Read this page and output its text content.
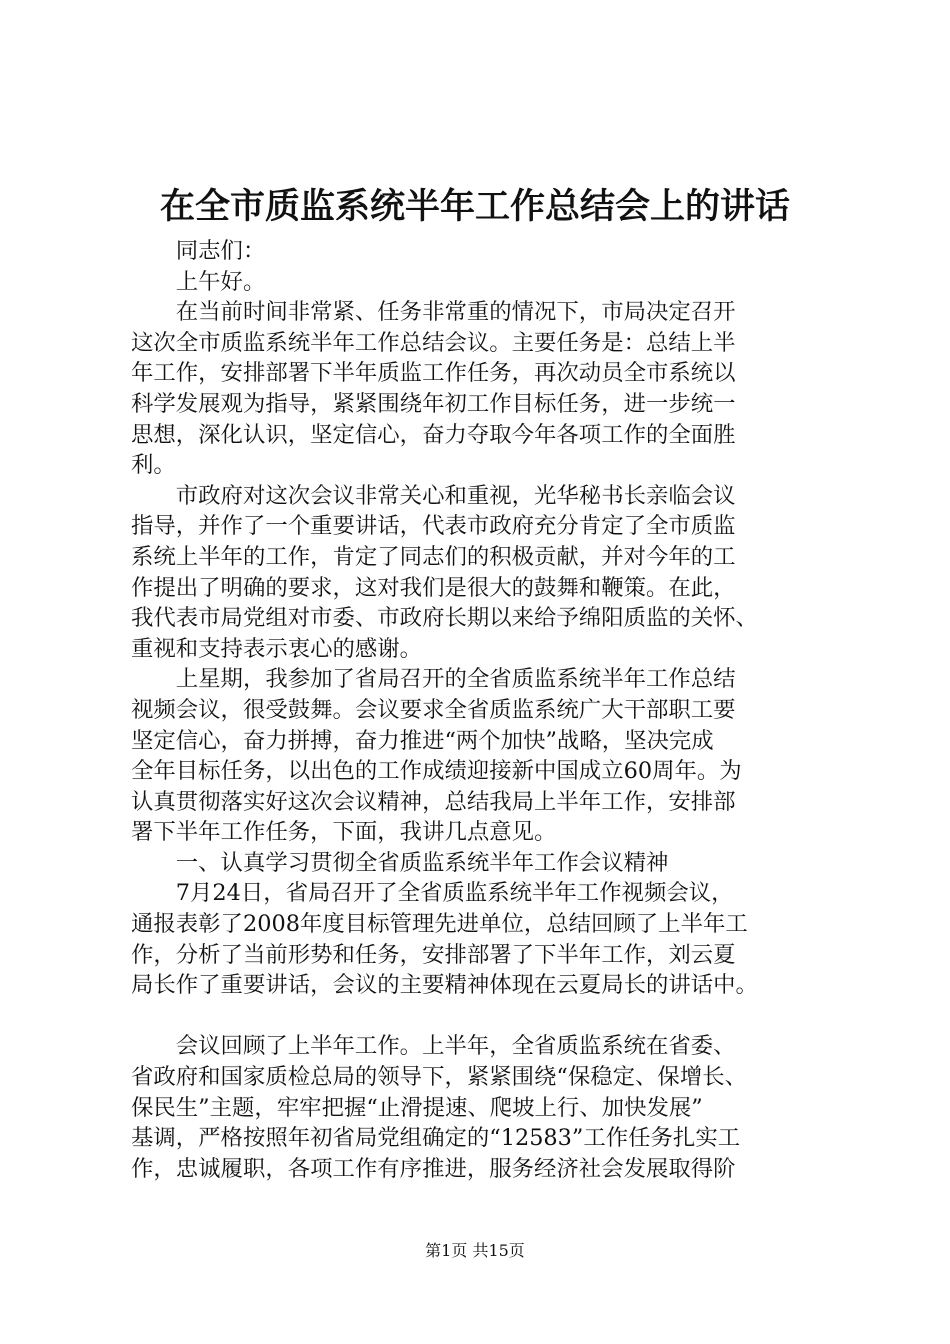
在全市质监系统半年工作总结会上的讲话
　　同志们：
　　上午好。
　　在当前时间非常紧、任务非常重的情况下，市局决定召开
这次全市质监系统半年工作总结会议。主要任务是：总结上半
年工作，安排部署下半年质监工作任务，再次动员全市系统以
科学发展观为指导，紧紧围绕年初工作目标任务，进一步统一
思想，深化认识，坚定信心，奋力夺取今年各项工作的全面胜
利。
　　市政府对这次会议非常关心和重视，光华秘书长亲临会议
指导，并作了一个重要讲话，代表市政府充分肯定了全市质监
系统上半年的工作，肯定了同志们的积极贡献，并对今年的工
作提出了明确的要求，这对我们是很大的鼓舞和鞭策。在此，
我代表市局党组对市委、市政府长期以来给予绵阳质监的关怀、
重视和支持表示衷心的感谢。
　　上星期，我参加了省局召开的全省质监系统半年工作总结
视频会议，很受鼓舞。会议要求全省质监系统广大干部职工要
坚定信心，奋力拼搏，奋力推进“两个加快”战略，坚决完成
全年目标任务，以出色的工作成绩迎接新中国成立60周年。为
认真贯彻落实好这次会议精神，总结我局上半年工作，安排部
署下半年工作任务，下面，我讲几点意见。
　　一、认真学习贯彻全省质监系统半年工作会议精神
　　7月24日，省局召开了全省质监系统半年工作视频会议，
通报表彰了2008年度目标管理先进单位，总结回顾了上半年工
作，分析了当前形势和任务，安排部署了下半年工作，刘云夏
局长作了重要讲话，会议的主要精神体现在云夏局长的讲话中。
　　会议回顾了上半年工作。上半年，全省质监系统在省委、
省政府和国家质检总局的领导下，紧紧围绕“保稳定、保增长、
保民生”主题，牢牢把握“止滑提速、爬坡上行、加快发展”
基调，严格按照年初省局党组确定的“12583”工作任务扎实工
作，忠诚履职，各项工作有序推进，服务经济社会发展取得阶
第1页 共15页
